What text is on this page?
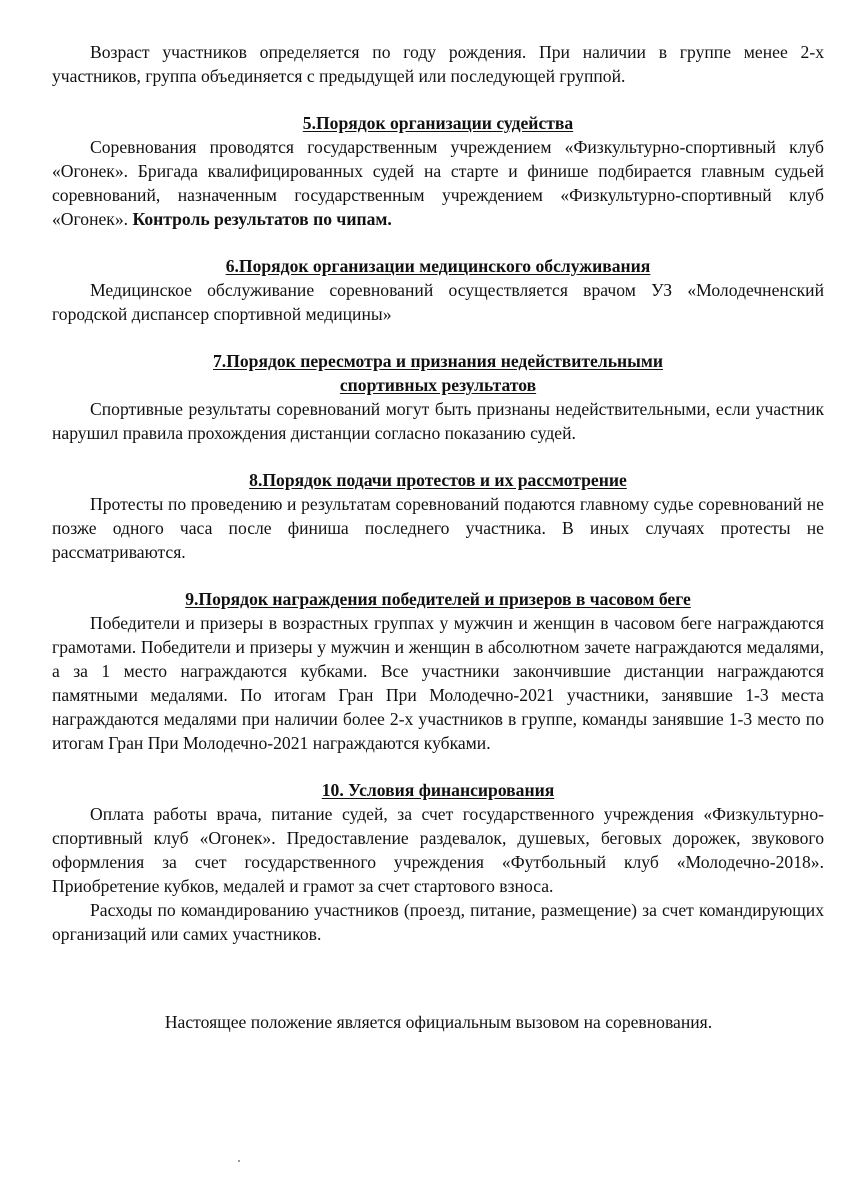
Возраст участников определяется по году рождения. При наличии в группе менее 2-х участников, группа объединяется с предыдущей или последующей группой.

5.Порядок организации судейства

Соревнования проводятся государственным учреждением «Физкультурно-спортивный клуб «Огонек». Бригада квалифицированных судей на старте и финише подбирается главным судьей соревнований, назначенным государственным учреждением «Физкультурно-спортивный клуб «Огонек». Контроль результатов по чипам.

6.Порядок организации медицинского обслуживания

Медицинское обслуживание соревнований осуществляется врачом УЗ «Молодечненский городской диспансер спортивной медицины»

7.Порядок пересмотра и признания недействительными
спортивных результатов

Спортивные результаты соревнований могут быть признаны недействительными, если участник нарушил правила прохождения дистанции согласно показанию судей.

8.Порядок подачи протестов и их рассмотрение

Протесты по проведению и результатам соревнований подаются главному судье соревнований не позже одного часа после финиша последнего участника. В иных случаях протесты не рассматриваются.

9.Порядок награждения победителей и призеров в часовом беге

Победители и призеры в возрастных группах у мужчин и женщин в часовом беге награждаются грамотами. Победители и призеры у мужчин и женщин в абсолютном зачете награждаются медалями, а за 1 место награждаются кубками. Все участники закончившие дистанции награждаются памятными медалями. По итогам Гран При Молодечно-2021 участники, занявшие 1-3 места награждаются медалями при наличии более 2-х участников в группе, команды занявшие 1-3 место по итогам Гран При Молодечно-2021 награждаются кубками.

10. Условия финансирования

Оплата работы врача, питание судей, за счет государственного учреждения «Физкультурно-спортивный клуб «Огонек». Предоставление раздевалок, душевых, беговых дорожек, звукового оформления за счет государственного учреждения «Футбольный клуб «Молодечно-2018». Приобретение кубков, медалей и грамот за счет стартового взноса.

Расходы по командированию участников (проезд, питание, размещение) за счет командирующих организаций или самих участников.

Настоящее положение является официальным вызовом на соревнования.
